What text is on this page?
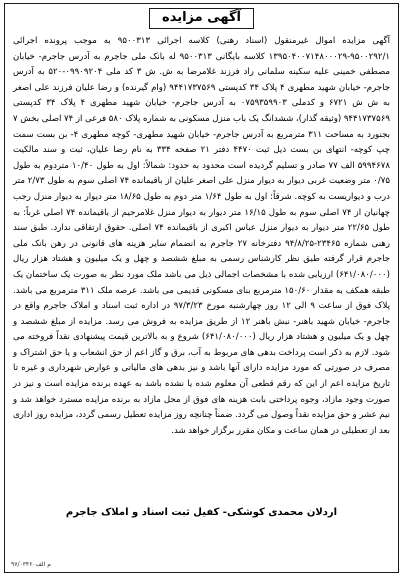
آگهی مزایده
آگهی مزایده اموال غیرمنقول (اسناد رهنی) کلاسه اجرائی ۹۵۰۰۳۱۳ به موجب پرونده اجرائی ۹۵۰۰۲۹۲/۱-۱۳۹۵۰۴۰۰۷۱۴۸۰۰۰۲۹ کلاسه بایگانی ۹۵۰۰۳۱۳ له بانک ملی جاجرم به آدرس جاجرم- خیابان مصطفی خمینی علیه سکینه سلمانی راد فرزند غلامرضا به ش. ش ۳ کد ملی ۰۹۹۰۹۲۰۴-۵۲۰ به آدرس جاجرم- خیابان شهید مطهری ۴ پلاک ۳۴ کدپستی ۹۴۴۱۷۳۷۵۶۹ (وام گیرنده) و رضا علیان فرزند علی اصغر به ش ش ۶۷۲۱ و کدملی ۰۷۵۹۳۵۹۹۰۳ به آدرس جاجرم- خیابان شهید مطهری ۴ پلاک ۳۴ کدپستی ۹۴۴۱۷۳۷۵۶۹ (وثیقه گذار)، ششدانگ یک باب منزل مسکونی به شماره پلاک ۵۸۰ فرعی از ۷۴ اصلی بخش ۷ بجنورد به مساحت ۳۱۱ مترمربع به آدرس جاجرم- خیابان شهید مطهری- کوچه مطهری ۴- بن بست سمت چپ کوچه- انتهای بن بست ذیل ثبت ۴۴۷۰ دفتر ۲۱ صفحه ۳۳۴ به نام رضا علیان، ثبت و سند مالکیت ۵۹۹۴۶۷۸ الف ۷۷ صادر و تسلیم گردیده است محدود به حدود: شمالاً: اول به طول ۱۰/۴۰ متردوم به طول ۰/۷۵ متر وضعیت غربی دیوار به دیوار منزل علی اصغر علیان از باقیمانده ۷۴ اصلی سوم به طول ۲/۷۳ متر درب و دیواریست به کوچه. شرقاً: اول به طول ۱/۶۴ متر دوم به طول ۱۸/۶۵ متر دیوار به دیوار منزل رجب چهانیان از ۷۴ اصلی سوم به طول ۱۶/۱۵ متر دیوار به دیوار منزل غلامرحیم از باقیمانده ۷۴ اصلی غرباً: به طول ۲۲/۶۵ متر دیوار به دیوار منزل عباس اکبری از باقیمانده ۷۴ اصلی. حقوق ارتفاقی ندارد. طبق سند رهنی شماره ۲۳۴۶۵-۹۴/۸/۲۵ دفترخانه ۲۷ جاجرم به انضمام سایر هزینه های قانونی در رهن بانک ملی جاجرم قرار گرفته طبق نظر کارشناس رسمی به مبلغ ششصد و چهل و یک میلیون و هشتاد هزار ریال (۶۴۱/۰۸۰/۰۰۰) ارزیابی شده با مشخصات اجمالی ذیل می باشد ملک مورد نظر به صورت یک ساختمان یک طبقه همکف به مقدار ۱۵۰/۶۰ مترمربع بنای مسکونی قدیمی می باشد. عرصه ملک ۳۱۱ مترمربع می باشد. پلاک فوق از ساعت ۹ الی ۱۲ روز چهارشنبه مورخ ۹۷/۳/۲۳ در اداره ثبت اسناد و املاک جاجرم واقع در جاجرم- خیابان شهید باهنر- نبش باهنر ۱۲ از طریق مزایده به فروش می رسد. مزایده از مبلغ ششصد و چهل و یک میلیون و هشتاد هزار ریال (۶۴۱/۰۸۰/۰۰۰) شروع و به بالاترین قیمت پیشنهادی نقداً فروخته می شود. لازم به ذکر است پرداخت بدهی های مربوط به آب، برق و گاز اعم از حق انشعاب و یا حق اشتراک و مصرف در صورتی که مورد مزایده دارای آنها باشد و نیز بدهی های مالیاتی و عوارض شهرداری و غیره تا تاریخ مزایده اعم از این که رقم قطعی آن معلوم شده یا نشده باشد به عهده برنده مزایده است و نیز در صورت وجود مازاد، وجوه پرداختی بابت هزینه های فوق از محل مازاد به برنده مزایده مسترد خواهد شد و نیم عشر و حق مزایده نقداً وصول می گردد. ضمناً چنانچه روز مزایده تعطیل رسمی گردد، مزایده روز اداری بعد از تعطیلی در همان ساعت و مکان مقرر برگزار خواهد شد.
اردلان محمدی کوشکی- کفیل ثبت اسناد و املاک جاجرم
م الف۹۷/۰۳۴۶۰
